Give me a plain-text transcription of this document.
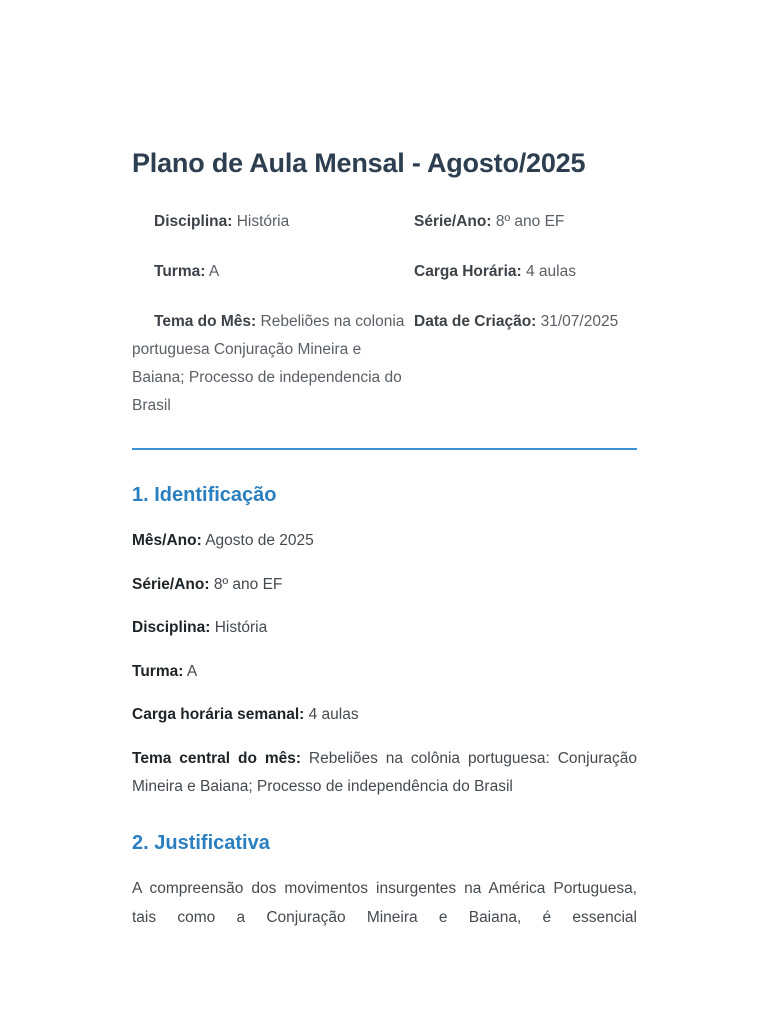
Plano de Aula Mensal - Agosto/2025
Disciplina: História	Série/Ano: 8º ano EF
Turma: A	Carga Horária: 4 aulas
Tema do Mês: Rebeliões na colonia portuguesa Conjuração Mineira e Baiana; Processo de independencia do Brasil
Data de Criação: 31/07/2025
1. Identificação

Mês/Ano: Agosto de 2025

Série/Ano: 8º ano EF

Disciplina: História

Turma: A

Carga horária semanal: 4 aulas

Tema central do mês: Rebeliões na colônia portuguesa: Conjuração Mineira e Baiana; Processo de independência do Brasil

2. Justificativa

A compreensão dos movimentos insurgentes na América Portuguesa, tais como a Conjuração Mineira e Baiana, é essencial
